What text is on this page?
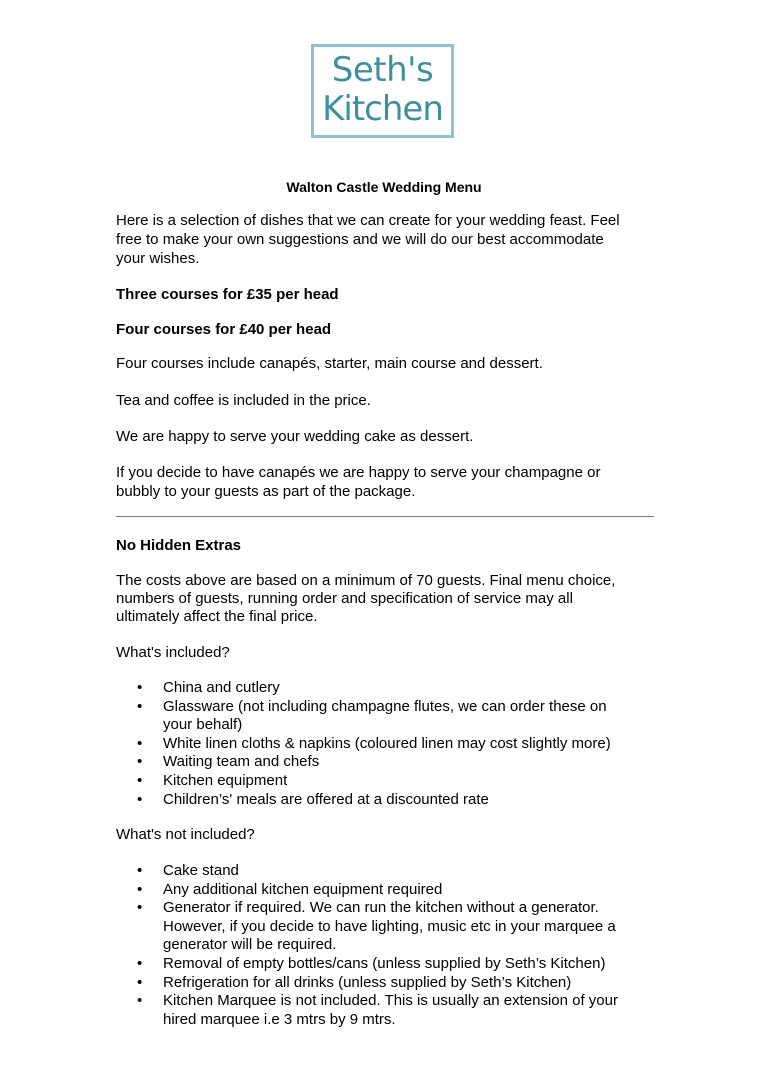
Seth's
Kitchen
Walton Castle Wedding Menu
Here is a selection of dishes that we can create for your wedding feast. Feel
free to make your own suggestions and we will do our best accommodate
your wishes.
Three courses for £35 per head
Four courses for £40 per head
Four courses include canapés, starter, main course and dessert.
Tea and coffee is included in the price.
We are happy to serve your wedding cake as dessert.
If you decide to have canapés we are happy to serve your champagne or
bubbly to your guests as part of the package.
No Hidden Extras
The costs above are based on a minimum of 70 guests. Final menu choice,
numbers of guests, running order and specification of service may all
ultimately affect the final price.
What's included?
• China and cutlery
• Glassware (not including champagne flutes, we can order these on
your behalf)
• White linen cloths & napkins (coloured linen may cost slightly more)
• Waiting team and chefs
• Kitchen equipment
• Children’s' meals are offered at a discounted rate
What's not included?
• Cake stand
• Any additional kitchen equipment required
• Generator if required. We can run the kitchen without a generator.
However, if you decide to have lighting, music etc in your marquee a
generator will be required.
• Removal of empty bottles/cans (unless supplied by Seth’s Kitchen)
• Refrigeration for all drinks (unless supplied by Seth’s Kitchen)
• Kitchen Marquee is not included. This is usually an extension of your
hired marquee i.e 3 mtrs by 9 mtrs.
